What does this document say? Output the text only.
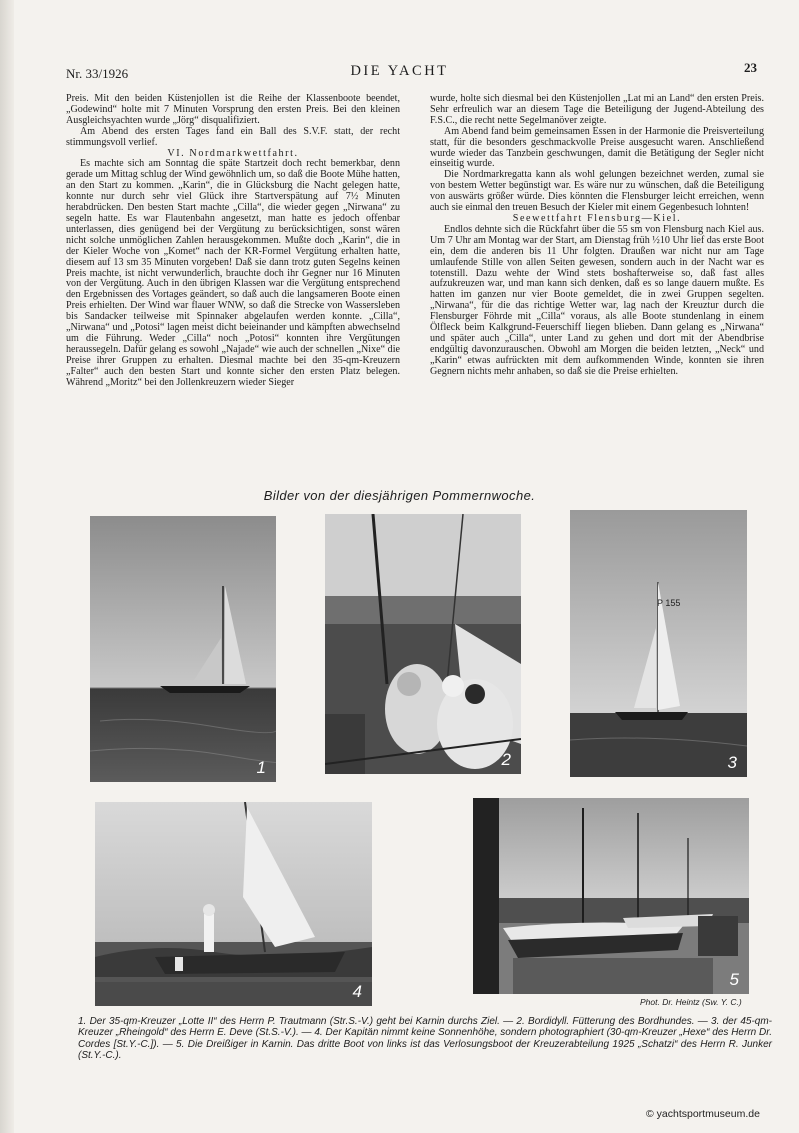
Nr. 33/1926	DIE YACHT	23

Preis. Mit den beiden Küstenjollen ist die Reihe der Klassenboote beendet, „Godewind“ holte mit 7 Minuten Vorsprung den ersten Preis. Bei den kleinen Ausgleichsyachten wurde „Jörg“ disqualifiziert.

Am Abend des ersten Tages fand ein Ball des S.V.F. statt, der recht stimmungsvoll verlief.

VI. Nordmarkwettfahrt.

Es machte sich am Sonntag die späte Startzeit doch recht bemerkbar, denn gerade um Mittag schlug der Wind gewöhnlich um, so daß die Boote Mühe hatten, an den Start zu kommen. „Karin“, die in Glücksburg die Nacht gelegen hatte, konnte nur durch sehr viel Glück ihre Startverspätung auf 7½ Minuten herabdrücken. Den besten Start machte „Cilla“, die wieder gegen „Nirwana“ zu segeln hatte. Es war Flautenbahn angesetzt, man hatte es jedoch offenbar unterlassen, dies genügend bei der Vergütung zu berücksichtigen, sonst wären nicht solche unmöglichen Zahlen herausgekommen. Mußte doch „Karin“, die in der Kieler Woche von „Komet“ nach der KR-Formel Vergütung erhalten hatte, diesem auf 13 sm 35 Minuten vorgeben! Daß sie dann trotz guten Segelns keinen Preis machte, ist nicht verwunderlich, brauchte doch ihr Gegner nur 16 Minuten von der Vergütung. Auch in den übrigen Klassen war die Vergütung entsprechend den Ergebnissen des Vortages geändert, so daß auch die langsameren Boote einen Preis erhielten. Der Wind war flauer WNW, so daß die Strecke von Wassersleben bis Sandacker teilweise mit Spinnaker abgelaufen werden konnte. „Cilla“, „Nirwana“ und „Potosi“ lagen meist dicht beieinander und kämpften abwechselnd um die Führung. Weder „Cilla“ noch „Potosi“ konnten ihre Vergütungen heraussegeln. Dafür gelang es sowohl „Najade“ wie auch der schnellen „Nixe“ die Preise ihrer Gruppen zu erhalten. Diesmal machte bei den 35-qm-Kreuzern „Falter“ auch den besten Start und konnte sicher den ersten Platz belegen. Während „Moritz“ bei den Jollenkreuzern wieder Sieger

wurde, holte sich diesmal bei den Küstenjollen „Lat mi an Land“ den ersten Preis. Sehr erfreulich war an diesem Tage die Beteiligung der Jugend-Abteilung des F.S.C., die recht nette Segelmanöver zeigte.

Am Abend fand beim gemeinsamen Essen in der Harmonie die Preisverteilung statt, für die besonders geschmackvolle Preise ausgesucht waren. Anschließend wurde wieder das Tanzbein geschwungen, damit die Betätigung der Segler nicht einseitig wurde.

Die Nordmarkregatta kann als wohl gelungen bezeichnet werden, zumal sie von bestem Wetter begünstigt war. Es wäre nur zu wünschen, daß die Beteiligung von auswärts größer würde. Dies könnten die Flensburger leicht erreichen, wenn auch sie einmal den treuen Besuch der Kieler mit einem Gegenbesuch lohnten!

Seewettfahrt Flensburg—Kiel.

Endlos dehnte sich die Rückfahrt über die 55 sm von Flensburg nach Kiel aus. Um 7 Uhr am Montag war der Start, am Dienstag früh ½10 Uhr lief das erste Boot ein, dem die anderen bis 11 Uhr folgten. Draußen war nicht nur am Tage umlaufende Stille von allen Seiten gewesen, sondern auch in der Nacht war es totenstill. Dazu wehte der Wind stets boshafterweise so, daß fast alles aufzukreuzen war, und man kann sich denken, daß es so lange dauern mußte. Es hatten im ganzen nur vier Boote gemeldet, die in zwei Gruppen segelten. „Nirwana“, für die das richtige Wetter war, lag nach der Kreuztur durch die Flensburger Föhrde mit „Cilla“ voraus, als alle Boote stundenlang in einem Ölfleck beim Kalkgrund-Feuerschiff liegen blieben. Dann gelang es „Nirwana“ und später auch „Cilla“, unter Land zu gehen und dort mit der Abendbrise endgültig davonzurauschen. Obwohl am Morgen die beiden letzten, „Neck“ und „Karin“ etwas aufrückten mit dem aufkommenden Winde, konnten sie ihren Gegnern nichts mehr anhaben, so daß sie die Preise erhielten.

Bilder von der diesjährigen Pommernwoche.
1	2
P 155
3
4
5
Phot. Dr. Heintz (Sw. Y. C.)
1. Der 35-qm-Kreuzer „Lotte II“ des Herrn P. Trautmann (Str.S.-V.) geht bei Karnin durchs Ziel. — 2. Bordidyll. Fütterung des Bordhundes. — 3. der 45-qm-Kreuzer „Rheingold“ des Herrn E. Deve (St.S.-V.). — 4. Der Kapitän nimmt keine Sonnenhöhe, sondern photographiert (30-qm-Kreuzer „Hexe“ des Herrn Dr. Cordes [St.Y.-C.]). — 5. Die Dreißiger in Karnin. Das dritte Boot von links ist das Verlosungsboot der Kreuzerabteilung 1925 „Schatzi“ des Herrn R. Junker (St.Y.-C.).
© yachtsportmuseum.de
